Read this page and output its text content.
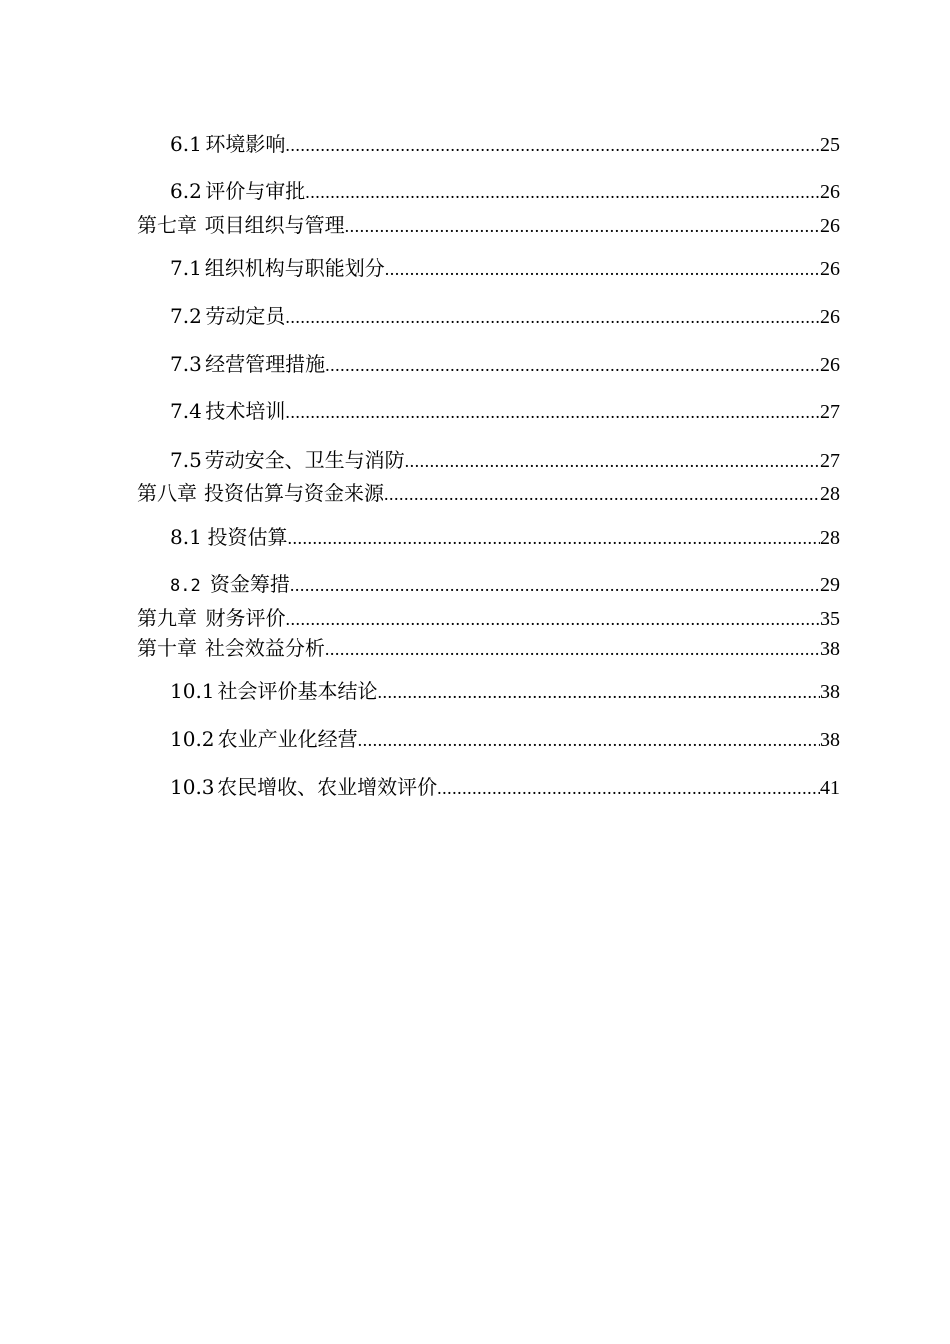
6.1 环境影响 .....	25
6.2 评价与审批 .....	26
第七章 项目组织与管理 .....	26
7.1 组织机构与职能划分 .....	26
7.2 劳动定员 .....	26
7.3 经营管理措施 .....	26
7.4 技术培训 .....	27
7.5 劳动安全、卫生与消防 .....	27
第八章 投资估算与资金来源 .....	28
8.1 投资估算 .....	28
8.2 资金筹措 .....	29
第九章 财务评价 .....	35
第十章 社会效益分析 .....	38
10.1 社会评价基本结论 .....	38
10.2 农业产业化经营 .....	38
10.3 农民增收、农业增效评价 .....	41
